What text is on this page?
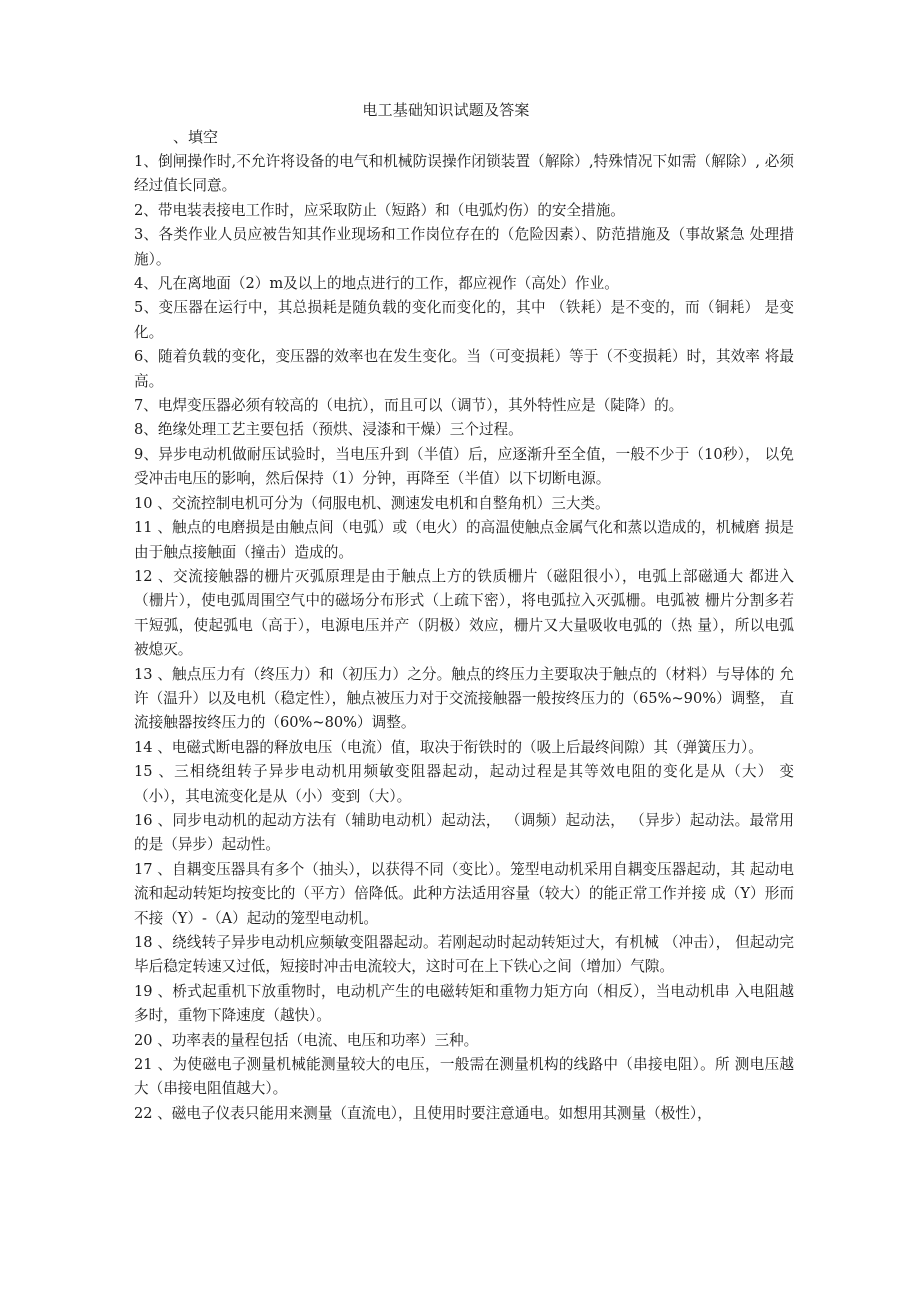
电工基础知识试题及答案
、填空

1、倒闸操作时,不允许将设备的电气和机械防误操作闭锁装置（解除）,特殊情况下如需（解除）, 必须经过值长同意。

2、带电装表接电工作时，应采取防止（短路）和（电弧灼伤）的安全措施。

3、各类作业人员应被告知其作业现场和工作岗位存在的（危险因素）、防范措施及（事故紧急 处理措施）。

4、凡在离地面（2）m及以上的地点进行的工作，都应视作（高处）作业。

5、变压器在运行中，其总损耗是随负载的变化而变化的，其中 （铁耗）是不变的，而（铜耗） 是变化。

6、随着负载的变化，变压器的效率也在发生变化。当（可变损耗）等于（不变损耗）时，其效率 将最高。

7、电焊变压器必须有较高的（电抗），而且可以（调节），其外特性应是（陡降）的。

8、绝缘处理工艺主要包括（预烘、浸漆和干燥）三个过程。

9、异步电动机做耐压试验时，当电压升到（半值）后，应逐渐升至全值，一般不少于（10秒）， 以免受冲击电压的影响，然后保持（1）分钟，再降至（半值）以下切断电源。

10 、交流控制电机可分为（伺服电机、测速发电机和自整角机）三大类。

11 、触点的电磨损是由触点间（电弧）或（电火）的高温使触点金属气化和蒸以造成的，机械磨 损是由于触点接触面（撞击）造成的。

12 、交流接触器的栅片灭弧原理是由于触点上方的铁质栅片（磁阻很小），电弧上部磁通大 都进入（栅片），使电弧周围空气中的磁场分布形式（上疏下密），将电弧拉入灭弧栅。电弧被 栅片分割多若干短弧，使起弧电（高于），电源电压并产（阴极）效应，栅片又大量吸收电弧的（热 量），所以电弧被熄灭。

13 、触点压力有（终压力）和（初压力）之分。触点的终压力主要取决于触点的（材料）与导体的 允许（温升）以及电机（稳定性），触点被压力对于交流接触器一般按终压力的（65%~90%）调整， 直流接触器按终压力的（60%~80%）调整。

14 、电磁式断电器的释放电压（电流）值，取决于衔铁时的（吸上后最终间隙）其（弹簧压力）。

15 、三相绕组转子异步电动机用频敏变阻器起动，起动过程是其等效电阻的变化是从（大） 变（小），其电流变化是从（小）变到（大）。

16 、同步电动机的起动方法有（辅助电动机）起动法， （调频）起动法， （异步）起动法。最常用 的是（异步）起动性。

17 、自耦变压器具有多个（抽头），以获得不同（变比）。笼型电动机采用自耦变压器起动，其 起动电流和起动转矩均按变比的（平方）倍降低。此种方法适用容量（较大）的能正常工作并接 成（Y）形而不接（Y）-（A）起动的笼型电动机。

18 、绕线转子异步电动机应频敏变阻器起动。若刚起动时起动转矩过大，有机械 （冲击）， 但起动完毕后稳定转速又过低，短接时冲击电流较大，这时可在上下铁心之间（增加）气隙。

19 、桥式起重机下放重物时，电动机产生的电磁转矩和重物力矩方向（相反），当电动机串 入电阻越多时，重物下降速度（越快）。

20 、功率表的量程包括（电流、电压和功率）三种。

21 、为使磁电子测量机械能测量较大的电压，一般需在测量机构的线路中（串接电阻）。所 测电压越大（串接电阻值越大）。

22 、磁电子仪表只能用来测量（直流电），且使用时要注意通电。如想用其测量（极性），
